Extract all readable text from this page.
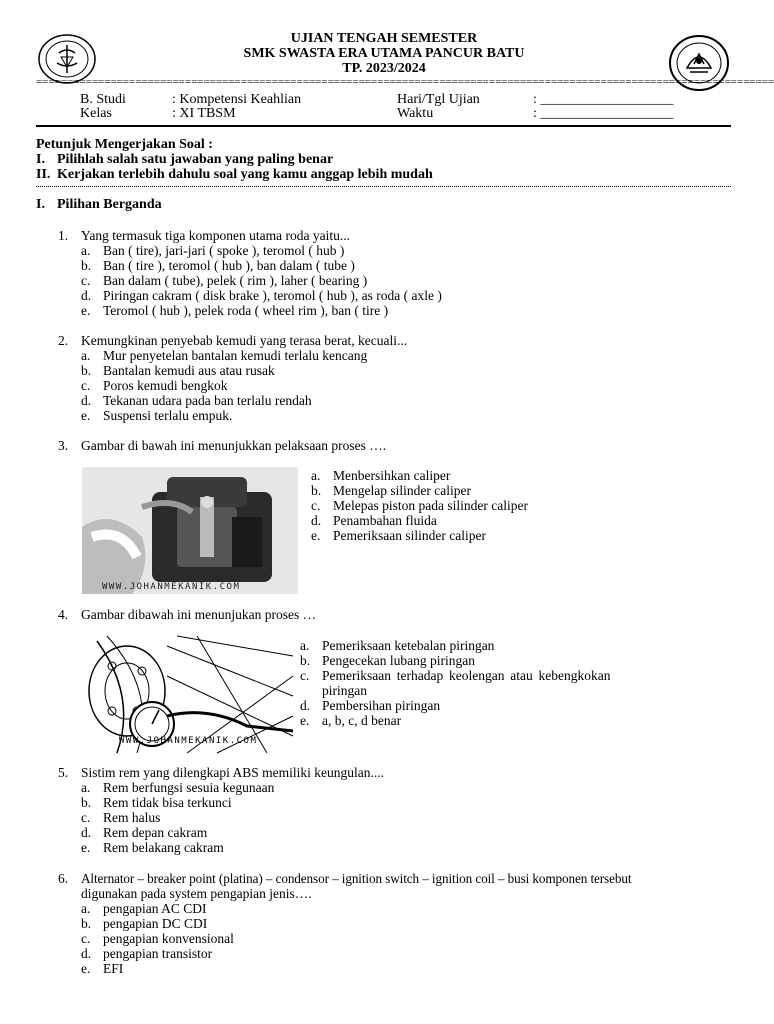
UJIAN TENGAH SEMESTER
SMK SWASTA ERA UTAMA PANCUR BATU
TP. 2023/2024
=======================================================================================================================
B. Studi	: Kompetensi Keahlian	Hari/Tgl Ujian	: ___________________
Kelas	: XI TBSM	Waktu	: ___________________
Petunjuk Mengerjakan Soal :
I. Pilihlah salah satu jawaban yang paling benar
II. Kerjakan terlebih dahulu soal yang kamu anggap lebih mudah
I. Pilihan Berganda
1. Yang termasuk tiga komponen utama roda yaitu...
a. Ban ( tire), jari-jari ( spoke ), teromol ( hub )
b. Ban ( tire ), teromol ( hub ), ban dalam ( tube )
c. Ban dalam ( tube), pelek ( rim ), laher ( bearing )
d. Piringan cakram ( disk brake ), teromol ( hub ), as roda ( axle )
e. Teromol ( hub ), pelek roda ( wheel rim ), ban ( tire )
2. Kemungkinan penyebab kemudi yang terasa berat, kecuali...
a. Mur penyetelan bantalan kemudi terlalu kencang
b. Bantalan kemudi aus atau rusak
c. Poros kemudi bengkok
d. Tekanan udara pada ban terlalu rendah
e. Suspensi terlalu empuk.
3. Gambar di bawah ini menunjukkan pelaksaan proses ….
WWW.JOHANMEKANIK.COM
a. Menbersihkan caliper
b. Mengelap silinder caliper
c. Melepas piston pada silinder caliper
d. Penambahan fluida
e. Pemeriksaan silinder caliper
4. Gambar dibawah ini menunjukan proses …
WWW.JOHANMEKANIK.COM
a. Pemeriksaan ketebalan piringan
b. Pengecekan lubang piringan
c. Pemeriksaan terhadap keolengan atau kebengkokan
piringan
d. Pembersihan piringan
e. a, b, c, d benar
5. Sistim rem yang dilengkapi ABS memiliki keungulan....
a. Rem berfungsi sesuia kegunaan
b. Rem tidak bisa terkunci
c. Rem halus
d. Rem depan cakram
e. Rem belakang cakram
6. Alternator – breaker point (platina) – condensor – ignition switch – ignition coil – busi komponen tersebut
digunakan pada system pengapian jenis….
a. pengapian AC CDI
b. pengapian DC CDI
c. pengapian konvensional
d. pengapian transistor
e. EFI
